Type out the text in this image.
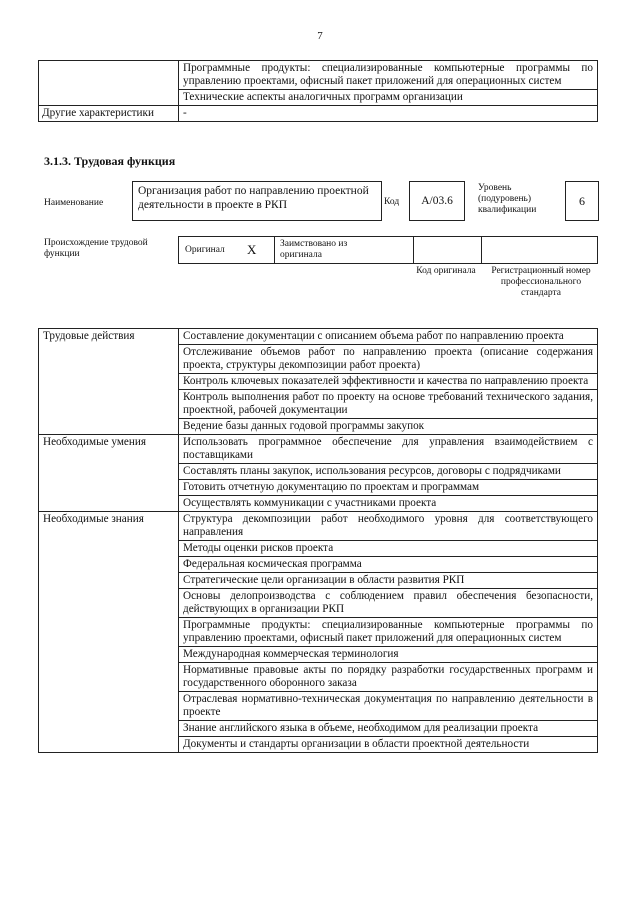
7
	Программные продукты: специализированные компьютерные программы по управлению проектами, офисный пакет приложений для операционных систем
	Технические аспекты аналогичных программ организации
Другие характеристики	-
3.1.3. Трудовая функция
Наименование
Организация работ по направлению проектной деятельности в проекте в РКП	Код	А/03.6
Уровень (подуровень) квалификации
6
Происхождение трудовой функции	Оригинал Х Заимствовано из оригинала
Код оригинала	Регистрационный номер профессионального стандарта
Трудовые действия	Составление документации с описанием объема работ по направлению проекта
	Отслеживание объемов работ по направлению проекта (описание содержания проекта, структуры декомпозиции работ проекта)
	Контроль ключевых показателей эффективности и качества по направлению проекта
	Контроль выполнения работ по проекту на основе требований технического задания, проектной, рабочей документации
	Ведение базы данных годовой программы закупок
Необходимые умения	Использовать программное обеспечение для управления взаимодействием с поставщиками
	Составлять планы закупок, использования ресурсов, договоры с подрядчиками
	Готовить отчетную документацию по проектам и программам
	Осуществлять коммуникации с участниками проекта
Необходимые знания	Структура декомпозиции работ необходимого уровня для соответствующего направления
	Методы оценки рисков проекта
	Федеральная космическая программа
	Стратегические цели организации в области развития РКП
	Основы делопроизводства с соблюдением правил обеспечения безопасности, действующих в организации РКП
	Программные продукты: специализированные компьютерные программы по управлению проектами, офисный пакет приложений для операционных систем
	Международная коммерческая терминология
	Нормативные правовые акты по порядку разработки государственных программ и государственного оборонного заказа
	Отраслевая нормативно-техническая документация по направлению деятельности в проекте
	Знание английского языка в объеме, необходимом для реализации проекта
	Документы и стандарты организации в области проектной деятельности
